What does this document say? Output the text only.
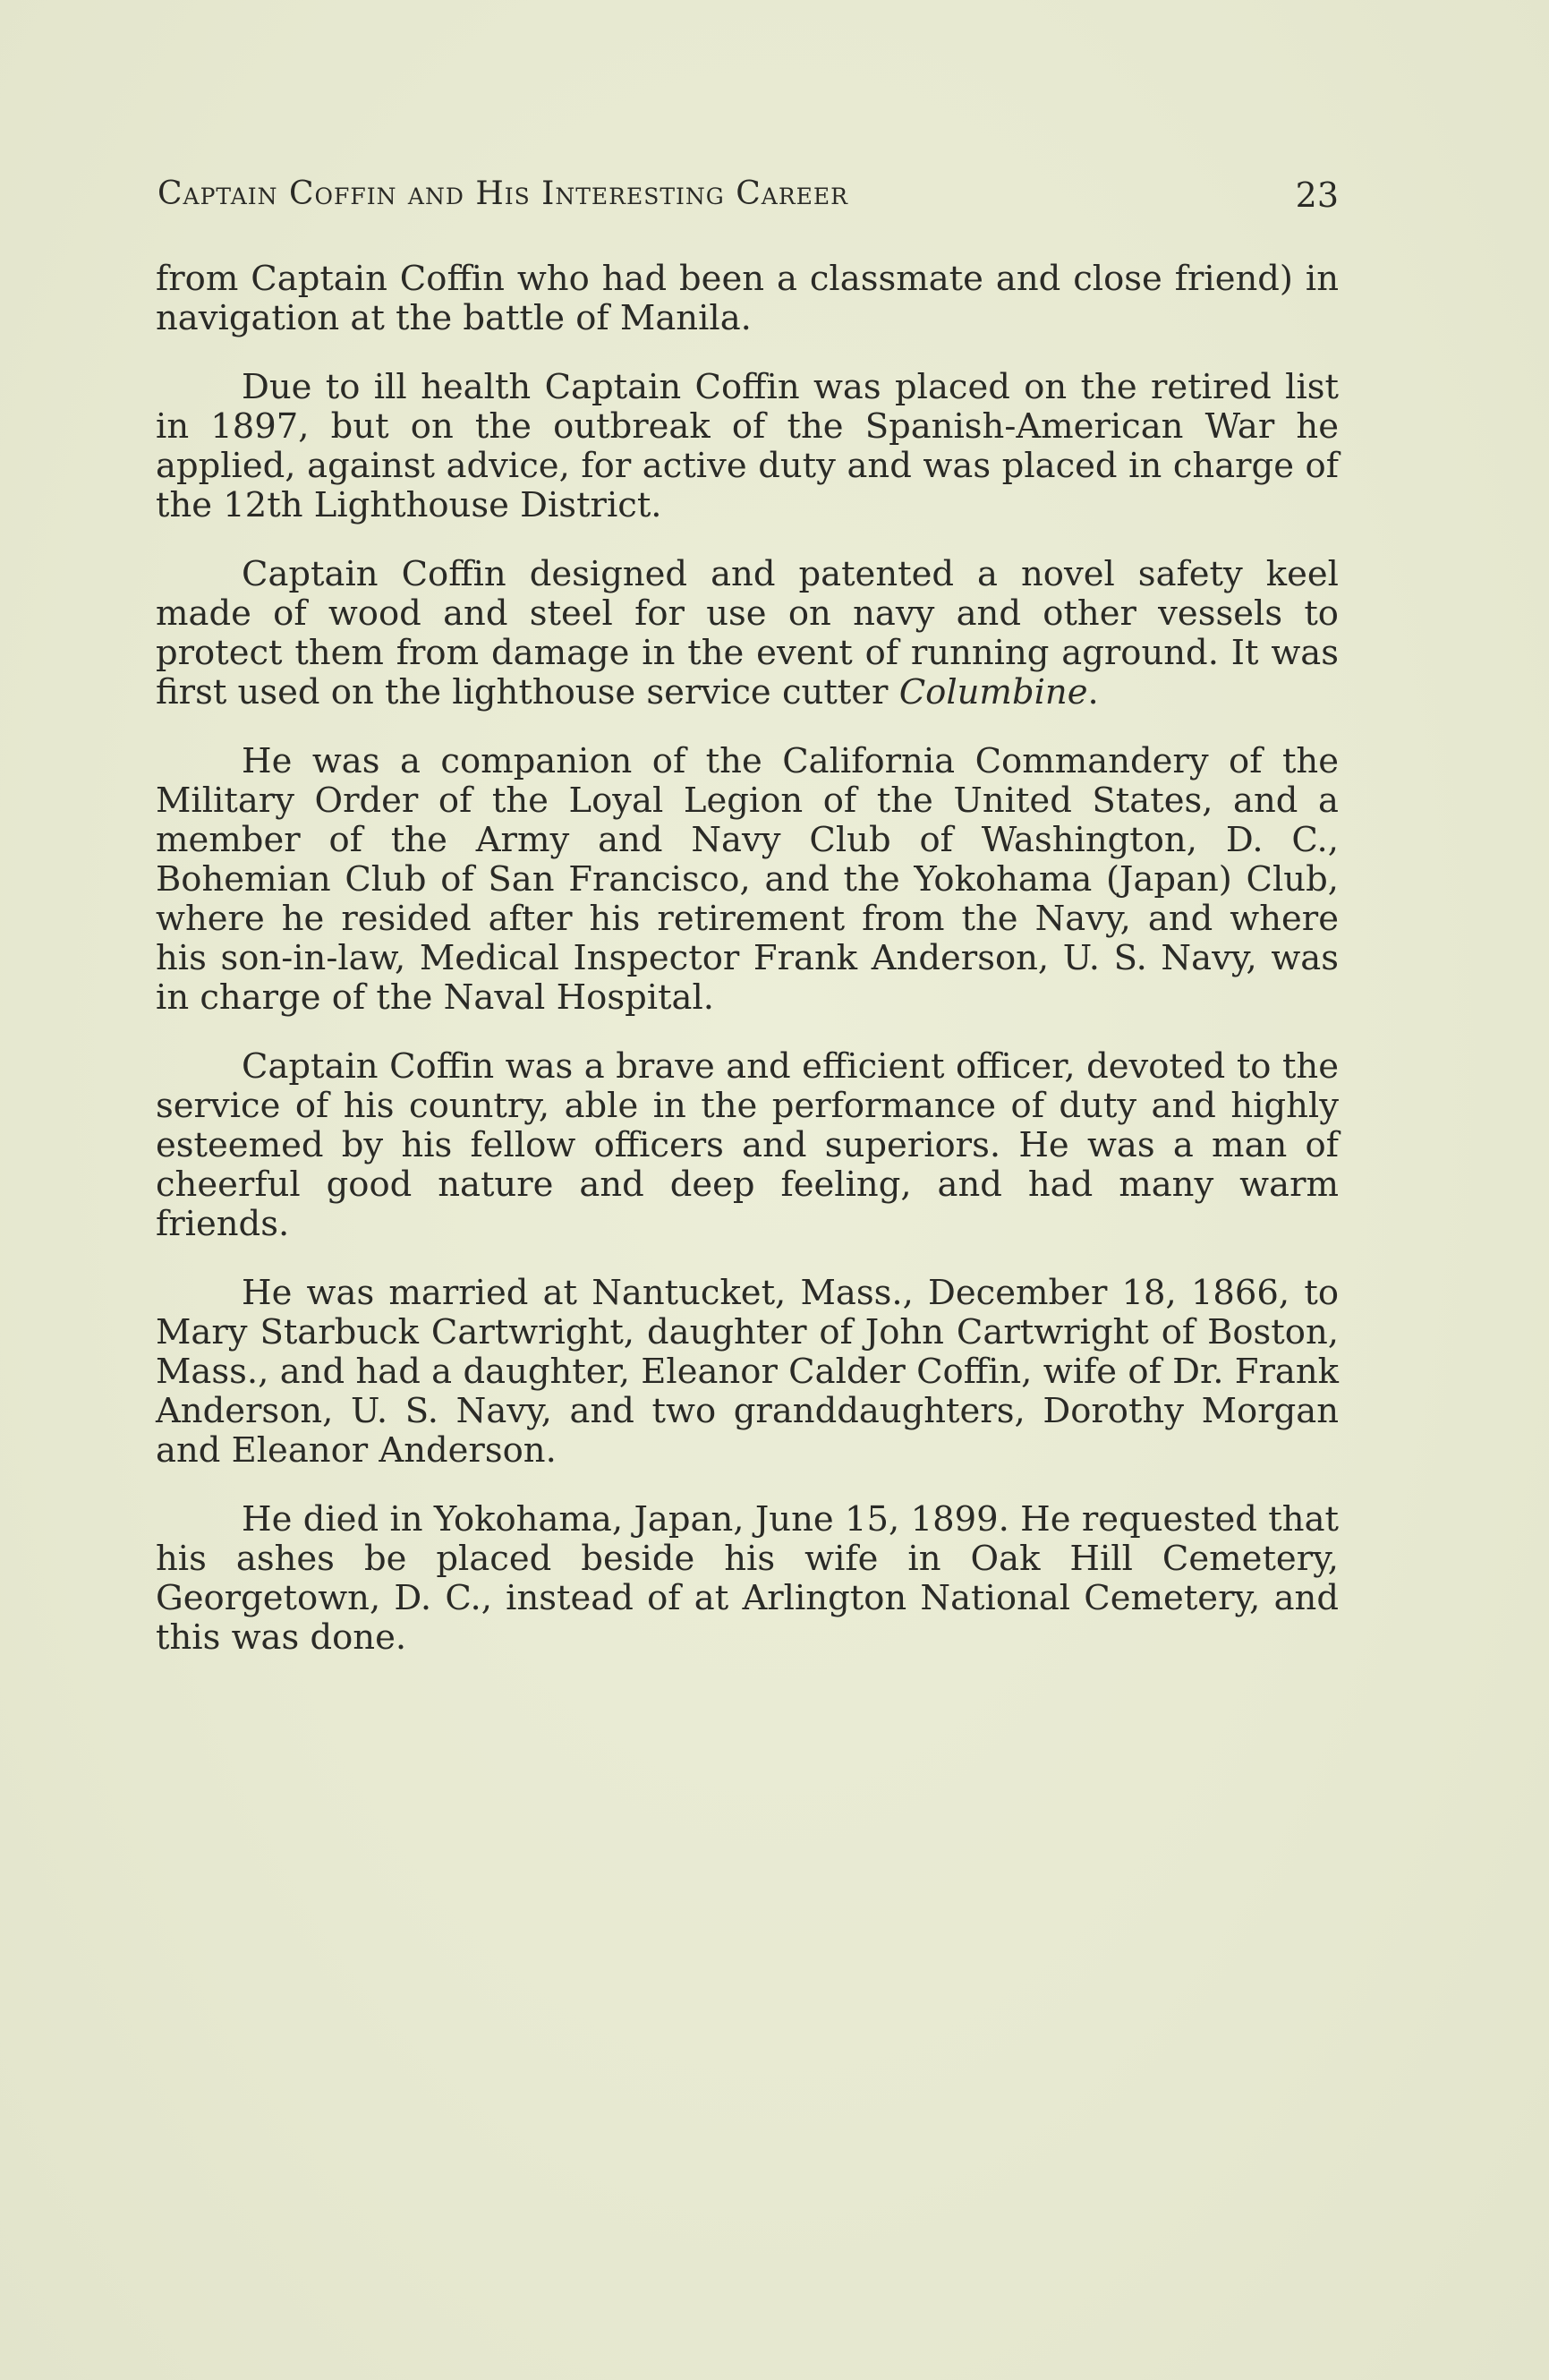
Captain Coffin and His Interesting Career	23

from Captain Coffin who had been a classmate and close friend) in navigation at the battle of Manila.

Due to ill health Captain Coffin was placed on the retired list in 1897, but on the outbreak of the Spanish-American War he applied, against advice, for active duty and was placed in charge of the 12th Lighthouse District.

Captain Coffin designed and patented a novel safety keel made of wood and steel for use on navy and other vessels to protect them from damage in the event of running aground. It was first used on the lighthouse service cutter Columbine.

He was a companion of the California Commandery of the Military Order of the Loyal Legion of the United States, and a member of the Army and Navy Club of Washington, D. C., Bohemian Club of San Francisco, and the Yokohama (Japan) Club, where he resided after his retirement from the Navy, and where his son-in-law, Medical Inspector Frank Anderson, U. S. Navy, was in charge of the Naval Hospital.

Captain Coffin was a brave and efficient officer, devoted to the service of his country, able in the performance of duty and highly esteemed by his fellow officers and superiors. He was a man of cheerful good nature and deep feeling, and had many warm friends.

He was married at Nantucket, Mass., December 18, 1866, to Mary Starbuck Cartwright, daughter of John Cartwright of Boston, Mass., and had a daughter, Eleanor Calder Coffin, wife of Dr. Frank Anderson, U. S. Navy, and two granddaughters, Dorothy Morgan and Eleanor Anderson.

He died in Yokohama, Japan, June 15, 1899. He requested that his ashes be placed beside his wife in Oak Hill Cemetery, Georgetown, D. C., instead of at Arlington National Cemetery, and this was done.
